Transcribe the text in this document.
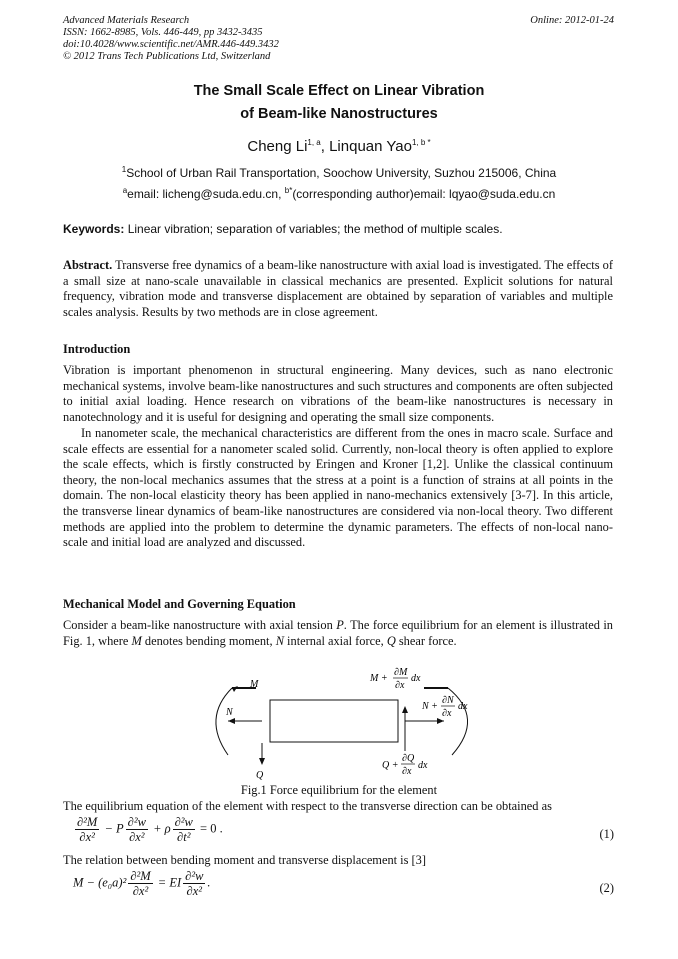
Advanced Materials Research
ISSN: 1662-8985, Vols. 446-449, pp 3432-3435
doi:10.4028/www.scientific.net/AMR.446-449.3432
© 2012 Trans Tech Publications Ltd, Switzerland
Online: 2012-01-24
The Small Scale Effect on Linear Vibration
of Beam-like Nanostructures
Cheng Li$^{1, a}$, Linquan Yao$^{1, b *}$
$^1$School of Urban Rail Transportation, Soochow University, Suzhou 215006, China
$^a$email: licheng@suda.edu.cn, $^{b*}$(corresponding author)email: lqyao@suda.edu.cn
Keywords: Linear vibration; separation of variables; the method of multiple scales.
Abstract. Transverse free dynamics of a beam-like nanostructure with axial load is investigated. The effects of a small size at nano-scale unavailable in classical mechanics are presented. Explicit solutions for natural frequency, vibration mode and transverse displacement are obtained by separation of variables and multiple scales analysis. Results by two methods are in close agreement.
Introduction
Vibration is important phenomenon in structural engineering. Many devices, such as nano electronic mechanical systems, involve beam-like nanostructures and such structures and components are often subjected to initial axial loading. Hence research on vibrations of the beam-like nanostructures is necessary in nanotechnology and it is useful for designing and operating the small size components.
In nanometer scale, the mechanical characteristics are different from the ones in macro scale. Surface and scale effects are essential for a nanometer scaled solid. Currently, non-local theory is often applied to explore the scale effects, which is firstly constructed by Eringen and Kroner [1,2]. Unlike the classical continuum theory, the non-local mechanics assumes that the stress at a point is a function of strains at all points in the domain. The non-local elasticity theory has been applied in nano-mechanics extensively [3-7]. In this article, the transverse linear dynamics of beam-like nanostructures are considered via non-local theory. Two different methods are applied into the problem to determine the dynamic parameters. The effects of non-local nano-scale and initial load are analyzed and discussed.
Mechanical Model and Governing Equation
Consider a beam-like nanostructure with axial tension P. The force equilibrium for an element is illustrated in Fig. 1, where M denotes bending moment, N internal axial force, Q shear force.
M
N
Q
M +
∂M
∂x
dx
N +
∂N
∂x
dx
Q +
∂Q
∂x
dx
Fig.1 Force equilibrium for the element
The equilibrium equation of the element with respect to the transverse direction can be obtained as
$\frac{\text{∂²M}}{\text{∂x²}} - P \frac{\text{∂²w}}{\text{∂x²}} + \rho \frac{\text{∂²w}}{\text{∂t²}} = 0$ .	(1)
The relation between bending moment and transverse displacement is [3]
$M - (e_0a)^2 \frac{\text{∂²M}}{\text{∂x²}}$ = EI $\frac{\text{∂²w}}{\text{∂x²}}$ .	(2)
